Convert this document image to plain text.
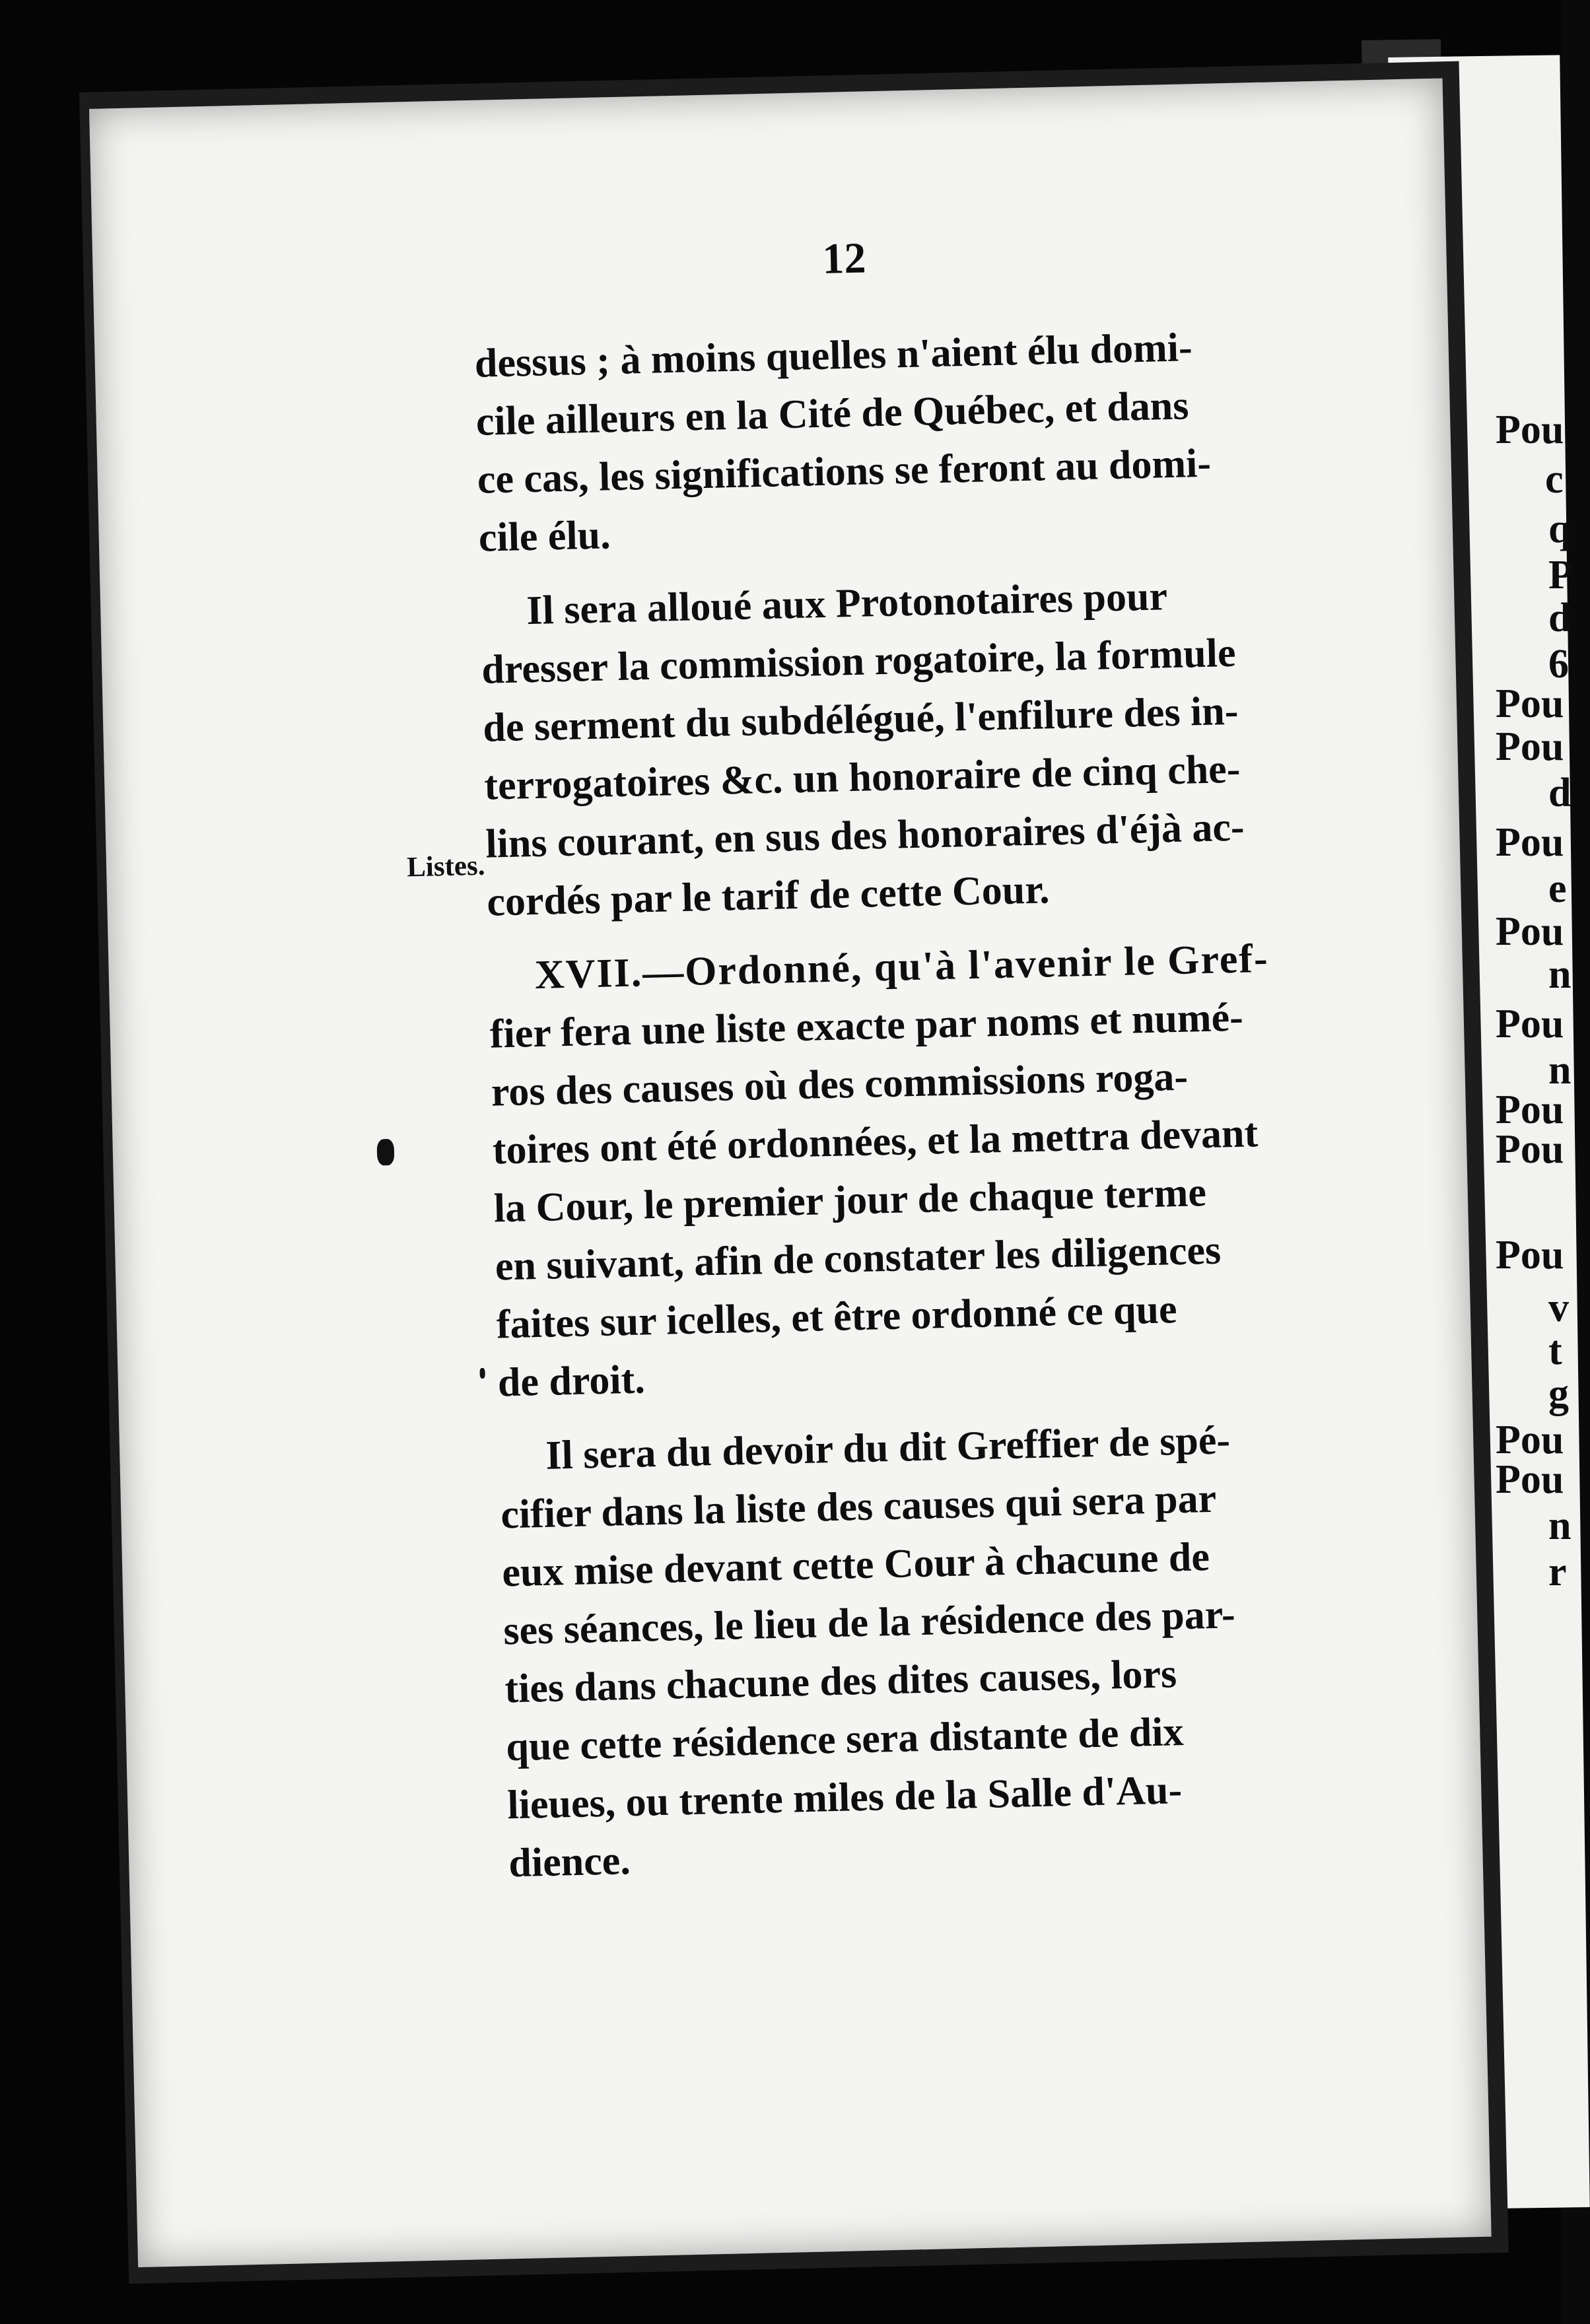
Pou
c
q
P
d
6
Pou
Pou
d
Pou
e
Pou
n
Pou
n
Pou
Pou
Pou
v
t
g
Pou
Pou
n
r
12
Listes.

dessus ; à moins quelles n'aient élu domi-
cile ailleurs en la Cité de Québec, et dans
ce cas, les significations se feront au domi-
cile élu.

Il sera alloué aux Protonotaires pour
dresser la commission rogatoire, la formule
de serment du subdélégué, l'enfilure des in-
terrogatoires &c. un honoraire de cinq che-
lins courant, en sus des honoraires d'éjà ac-
cordés par le tarif de cette Cour.

XVII.—Ordonné, qu'à l'avenir le Gref-
fier fera une liste exacte par noms et numé-
ros des causes où des commissions roga-
toires ont été ordonnées, et la mettra devant
la Cour, le premier jour de chaque terme
en suivant, afin de constater les diligences
faites sur icelles, et être ordonné ce que
de droit.

Il sera du devoir du dit Greffier de spé-
cifier dans la liste des causes qui sera par
eux mise devant cette Cour à chacune de
ses séances, le lieu de la résidence des par-
ties dans chacune des dites causes, lors
que cette résidence sera distante de dix
lieues, ou trente miles de la Salle d'Au-
dience.
